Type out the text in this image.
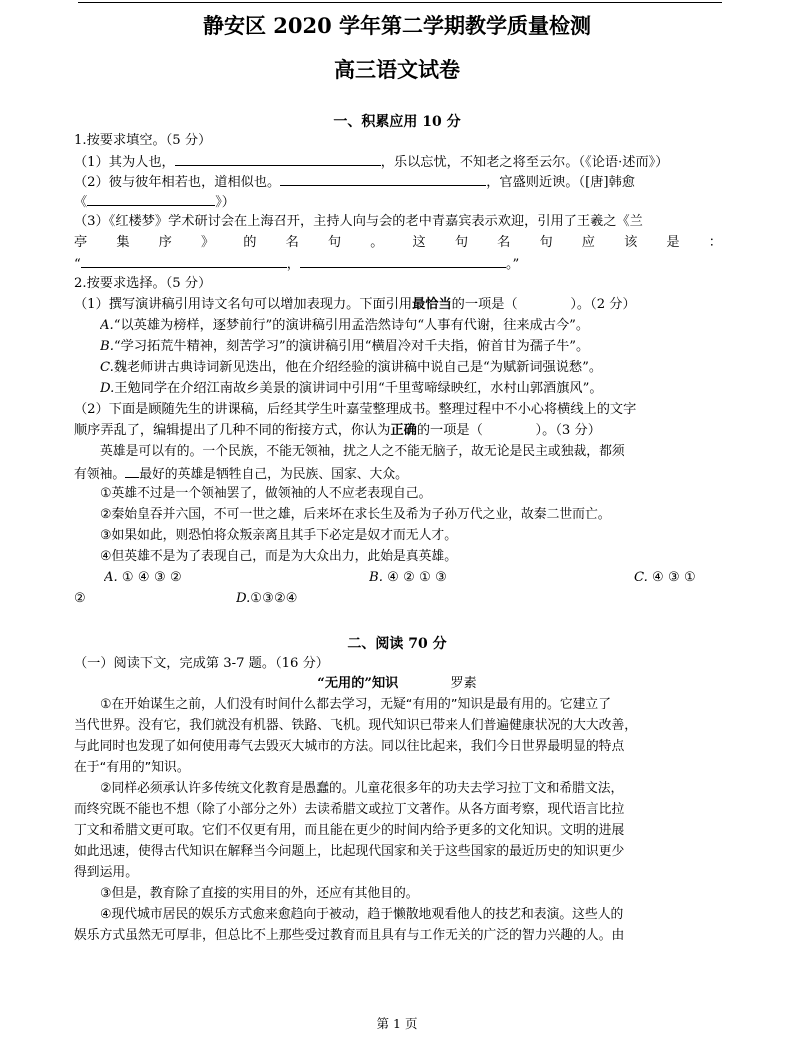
静安区 2020 学年第二学期教学质量检测
高三语文试卷
一、积累应用 10 分
1.按要求填空。（5 分）
（1）其为人也，	，乐以忘忧，不知老之将至云尔。（《论语·述而》）
（2）彼与彼年相若也，道相似也。	，官盛则近谀。（[唐]韩愈
《	》）
（3）《红楼梦》学术研讨会在上海召开，主持人向与会的老中青嘉宾表示欢迎，引用了王羲之《兰
亭 集 序 》 的 名 句 。 这 句 名 句 应 该 是 ：
“	，	。”
2.按要求选择。（5 分）
（1）撰写演讲稿引用诗文名句可以增加表现力。下面引用最恰当的一项是（　　　　）。（2 分）
A.“以英雄为榜样，逐梦前行”的演讲稿引用孟浩然诗句“人事有代谢，往来成古今”。
B.“学习拓荒牛精神，刻苦学习”的演讲稿引用“横眉冷对千夫指，俯首甘为孺子牛”。
C.魏老师讲古典诗词新见迭出，他在介绍经验的演讲稿中说自己是“为赋新词强说愁”。
D.王勉同学在介绍江南故乡美景的演讲词中引用“千里莺啼绿映红，水村山郭酒旗风”。
（2）下面是顾随先生的讲课稿，后经其学生叶嘉莹整理成书。整理过程中不小心将横线上的文字
顺序弄乱了，编辑提出了几种不同的衔接方式，你认为正确的一项是（　　　　）。（3 分）
英雄是可以有的。一个民族，不能无领袖，扰之人之不能无脑子，故无论是民主或独裁，都须
有领袖。 最好的英雄是牺牲自己，为民族、国家、大众。
①英雄不过是一个领袖罢了，做领袖的人不应老表现自己。
②秦始皇吞并六国，不可一世之雄，后来坏在求长生及希为子孙万代之业，故秦二世而亡。
③如果如此，则恐怕将众叛亲离且其手下必定是奴才而无人才。
④但英雄不是为了表现自己，而是为大众出力，此始是真英雄。
A. ① ④ ③ ②	B. ④ ② ① ③	C. ④ ③ ①
②	D.①③②④
二、阅读 70 分
（一）阅读下文，完成第 3-7 题。（16 分）
“无用的”知识	罗素
①在开始谋生之前，人们没有时间什么都去学习，无疑“有用的”知识是最有用的。它建立了
当代世界。没有它，我们就没有机器、铁路、飞机。现代知识已带来人们普遍健康状况的大大改善，
与此同时也发现了如何使用毒气去毁灭大城市的方法。同以往比起来，我们今日世界最明显的特点
在于“有用的”知识。
②同样必须承认许多传统文化教育是愚蠢的。儿童花很多年的功夫去学习拉丁文和希腊文法，
而终究既不能也不想（除了小部分之外）去读希腊文或拉丁文著作。从各方面考察，现代语言比拉
丁文和希腊文更可取。它们不仅更有用，而且能在更少的时间内给予更多的文化知识。文明的进展
如此迅速，使得古代知识在解释当今问题上，比起现代国家和关于这些国家的最近历史的知识更少
得到运用。
③但是，教育除了直接的实用目的外，还应有其他目的。
④现代城市居民的娱乐方式愈来愈趋向于被动，趋于懒散地观看他人的技艺和表演。这些人的
娱乐方式虽然无可厚非，但总比不上那些受过教育而且具有与工作无关的广泛的智力兴趣的人。由
第 1 页
